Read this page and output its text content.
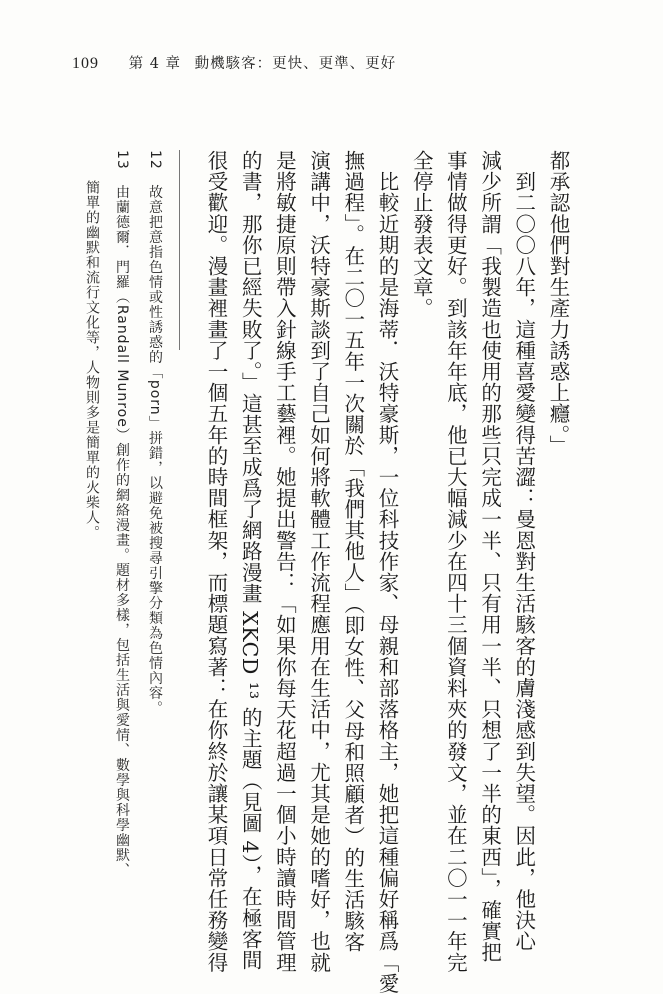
109 第 4 章 動機駭客：更快、更準、更好
都承認他們對生產力誘惑上癮。」
　到二〇〇八年，這種喜愛變得苦澀：曼恩對生活駭客的膚淺感到失望。因此，他決心
減少所謂「我製造也使用的那些只完成一半、只有用一半、只想了一半的東西」，確實把
事情做得更好。到該年年底，他已大幅減少在四十三個資料夾的發文，並在二〇一一年完
全停止發表文章。
　比較近期的是海蒂．沃特豪斯，一位科技作家、母親和部落格主，她把這種偏好稱爲「愛
撫過程」。在二〇一五年一次關於「我們其他人」（即女性、父母和照顧者）的生活駭客
演講中，沃特豪斯談到了自己如何將軟體工作流程應用在生活中，尤其是她的嗜好，也就
是將敏捷原則帶入針線手工藝裡。她提出警告：「如果你每天花超過一個小時讀時間管理
的書，那你已經失敗了。」這甚至成爲了網路漫畫 XKCD ¹³ 的主題（見圖 4），在極客間
很受歡迎。漫畫裡畫了一個五年的時間框架，而標題寫著：在你終於讓某項日常任務變得
12　故意把意指色情或性誘惑的「porn」拼錯，以避免被搜尋引擎分類為色情內容。
13　由蘭德爾．門羅（Randall Munroe）創作的網絡漫畫。題材多樣，包括生活與愛情、數學與科學幽默、
　　簡單的幽默和流行文化等，人物則多是簡單的火柴人。
